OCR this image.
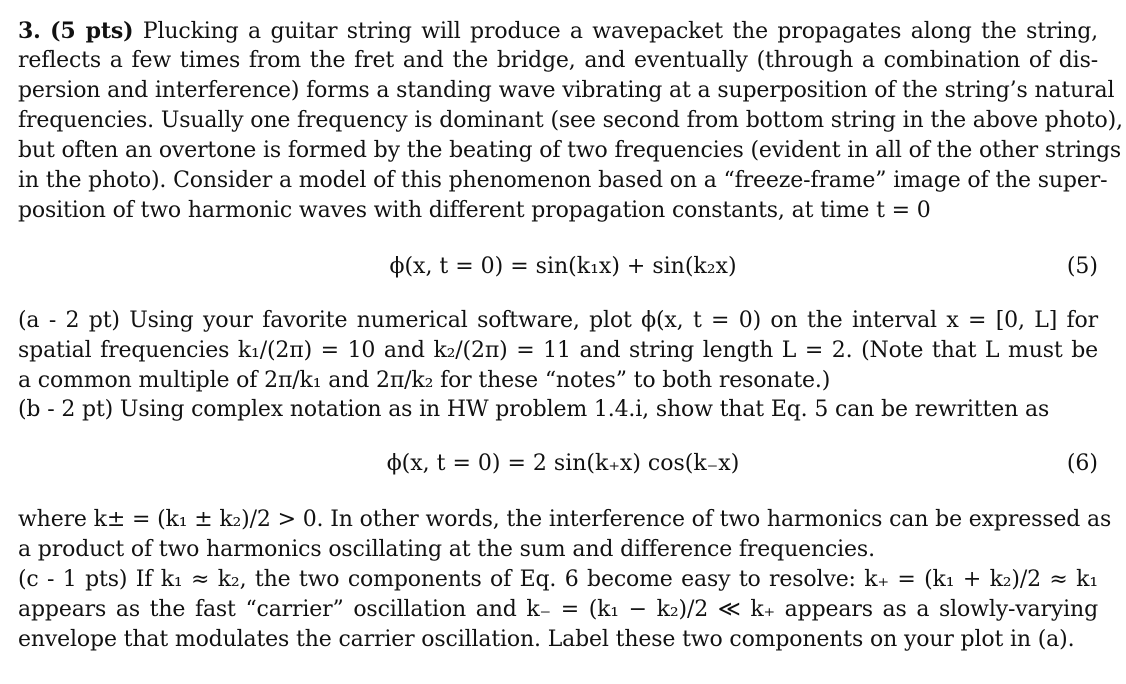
3. (5 pts) Plucking a guitar string will produce a wavepacket the propagates along the string,
reflects a few times from the fret and the bridge, and eventually (through a combination of dis-
persion and interference) forms a standing wave vibrating at a superposition of the string’s natural
frequencies. Usually one frequency is dominant (see second from bottom string in the above photo),
but often an overtone is formed by the beating of two frequencies (evident in all of the other strings
in the photo). Consider a model of this phenomenon based on a “freeze-frame” image of the super-
position of two harmonic waves with different propagation constants, at time t = 0
ϕ(x, t = 0) = sin(k₁x) + sin(k₂x)	(5)
(a - 2 pt) Using your favorite numerical software, plot ϕ(x, t = 0) on the interval x = [0, L] for
spatial frequencies k₁/(2π) = 10 and k₂/(2π) = 11 and string length L = 2. (Note that L must be
a common multiple of 2π/k₁ and 2π/k₂ for these “notes” to both resonate.)
(b - 2 pt) Using complex notation as in HW problem 1.4.i, show that Eq. 5 can be rewritten as
ϕ(x, t = 0) = 2 sin(k₊x) cos(k₋x)	(6)
where k± = (k₁ ± k₂)/2 > 0. In other words, the interference of two harmonics can be expressed as
a product of two harmonics oscillating at the sum and difference frequencies.
(c - 1 pts) If k₁ ≈ k₂, the two components of Eq. 6 become easy to resolve: k₊ = (k₁ + k₂)/2 ≈ k₁
appears as the fast “carrier” oscillation and k₋ = (k₁ − k₂)/2 ≪ k₊ appears as a slowly-varying
envelope that modulates the carrier oscillation. Label these two components on your plot in (a).
